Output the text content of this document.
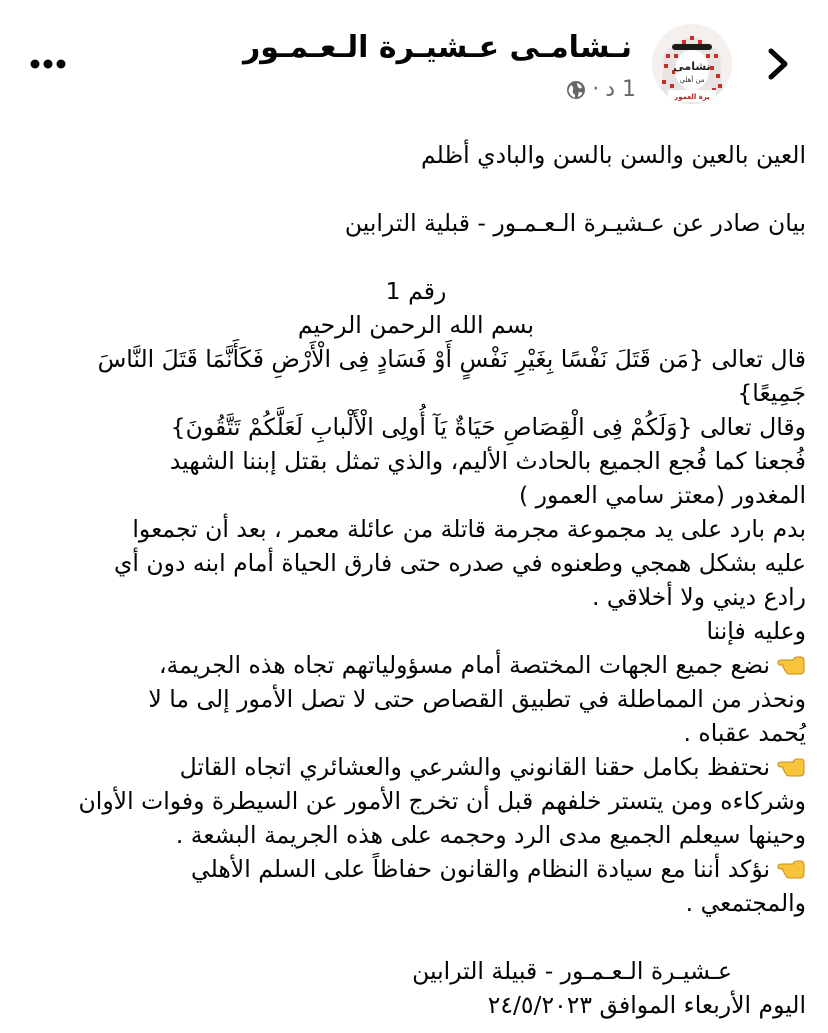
نشامى
من أهلي
يرة العمور
نـشامـى عـشيـرة الـعـمـور
1 د
·
العين بالعين والسن بالسن والبادي أظلم
بيان صادر عن عـشيـرة الـعـمـور - قبلية الترابين
رقم 1
بسم الله الرحمن الرحيم
قال تعالى {مَن قَتَلَ نَفْسًا بِغَيْرِ نَفْسٍ أَوْ فَسَادٍ فِى الْأَرْضِ فَكَأَنَّمَا قَتَلَ النَّاسَ
جَمِيعًا}
وقال تعالى {وَلَكُمْ فِى الْقِصَاصِ حَيَاةٌ يَآ أُولِى الْأَلْبابِ لَعَلَّكُمْ تَتَّقُونَ}
فُجعنا كما فُجع الجميع بالحادث الأليم، والذي تمثل بقتل إبننا الشهيد
المغدور (معتز سامي العمور )
بدم بارد على يد مجموعة مجرمة قاتلة من عائلة معمر ، بعد أن تجمعوا
عليه بشكل همجي وطعنوه في صدره حتى فارق الحياة أمام ابنه دون أي
رادع ديني ولا أخلاقي .
وعليه فإننا
نضع جميع الجهات المختصة أمام مسؤولياتهم تجاه هذه الجريمة،
ونحذر من المماطلة في تطبيق القصاص حتى لا تصل الأمور إلى ما لا
يُحمد عقباه .
نحتفظ بكامل حقنا القانوني والشرعي والعشائري اتجاه القاتل
وشركاءه ومن يتستر خلفهم قبل أن تخرج الأمور عن السيطرة وفوات الأوان
وحينها سيعلم الجميع مدى الرد وحجمه على هذه الجريمة البشعة .
نؤكد أننا مع سيادة النظام والقانون حفاظاً على السلم الأهلي
والمجتمعي .
عـشيـرة الـعـمـور - قبيلة الترابين
اليوم الأربعاء الموافق ٢٤/٥/٢٠٢٣
